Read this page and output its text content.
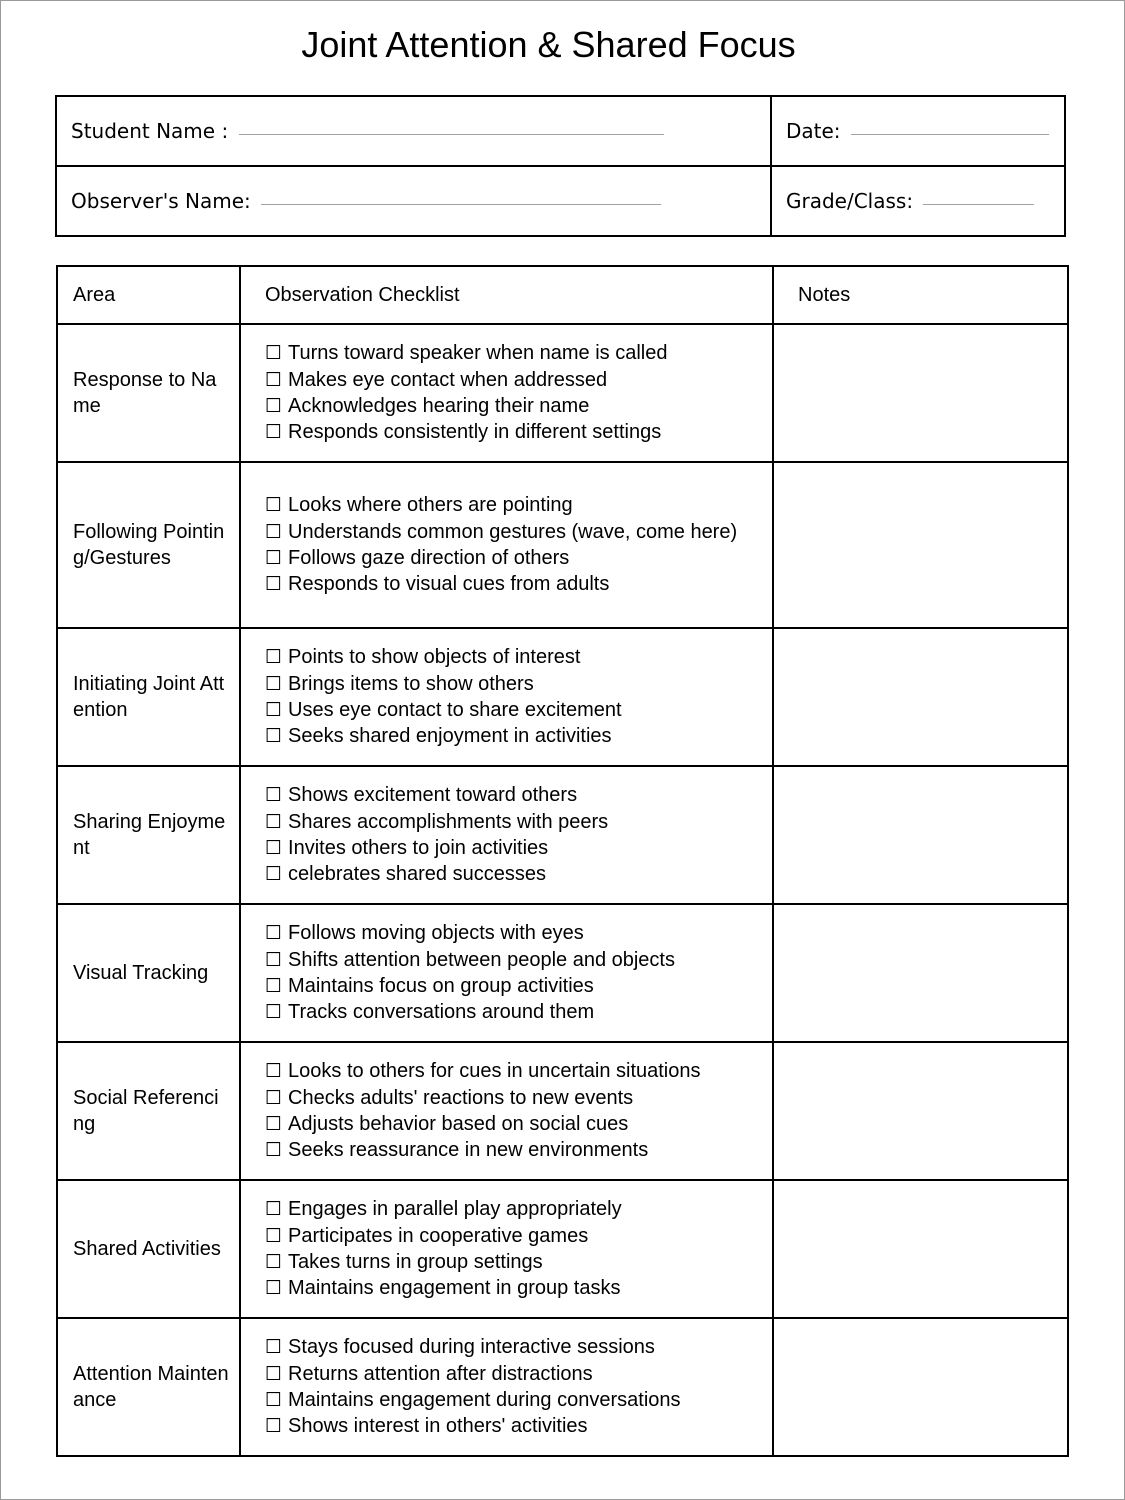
Joint Attention & Shared Focus
Student Name :	Date:
Observer's Name:	Grade/Class:
Area	Observation Checklist	Notes
Response to Name	☐ Turns toward speaker when name is called
☐ Makes eye contact when addressed
☐ Acknowledges hearing their name
☐ Responds consistently in different settings	

Following Pointing/Gestures	☐ Looks where others are pointing
☐ Understands common gestures (wave, come here)
☐ Follows gaze direction of others
☐ Responds to visual cues from adults	

Initiating Joint Attention	☐ Points to show objects of interest
☐ Brings items to show others
☐ Uses eye contact to share excitement
☐ Seeks shared enjoyment in activities	

Sharing Enjoyment	☐ Shows excitement toward others
☐ Shares accomplishments with peers
☐ Invites others to join activities
☐ celebrates shared successes	

Visual Tracking	☐ Follows moving objects with eyes
☐ Shifts attention between people and objects
☐ Maintains focus on group activities
☐ Tracks conversations around them	

Social Referencing	☐ Looks to others for cues in uncertain situations
☐ Checks adults' reactions to new events
☐ Adjusts behavior based on social cues
☐ Seeks reassurance in new environments	

Shared Activities	☐ Engages in parallel play appropriately
☐ Participates in cooperative games
☐ Takes turns in group settings
☐ Maintains engagement in group tasks	

Attention Maintenance	☐ Stays focused during interactive sessions
☐ Returns attention after distractions
☐ Maintains engagement during conversations
☐ Shows interest in others' activities	
